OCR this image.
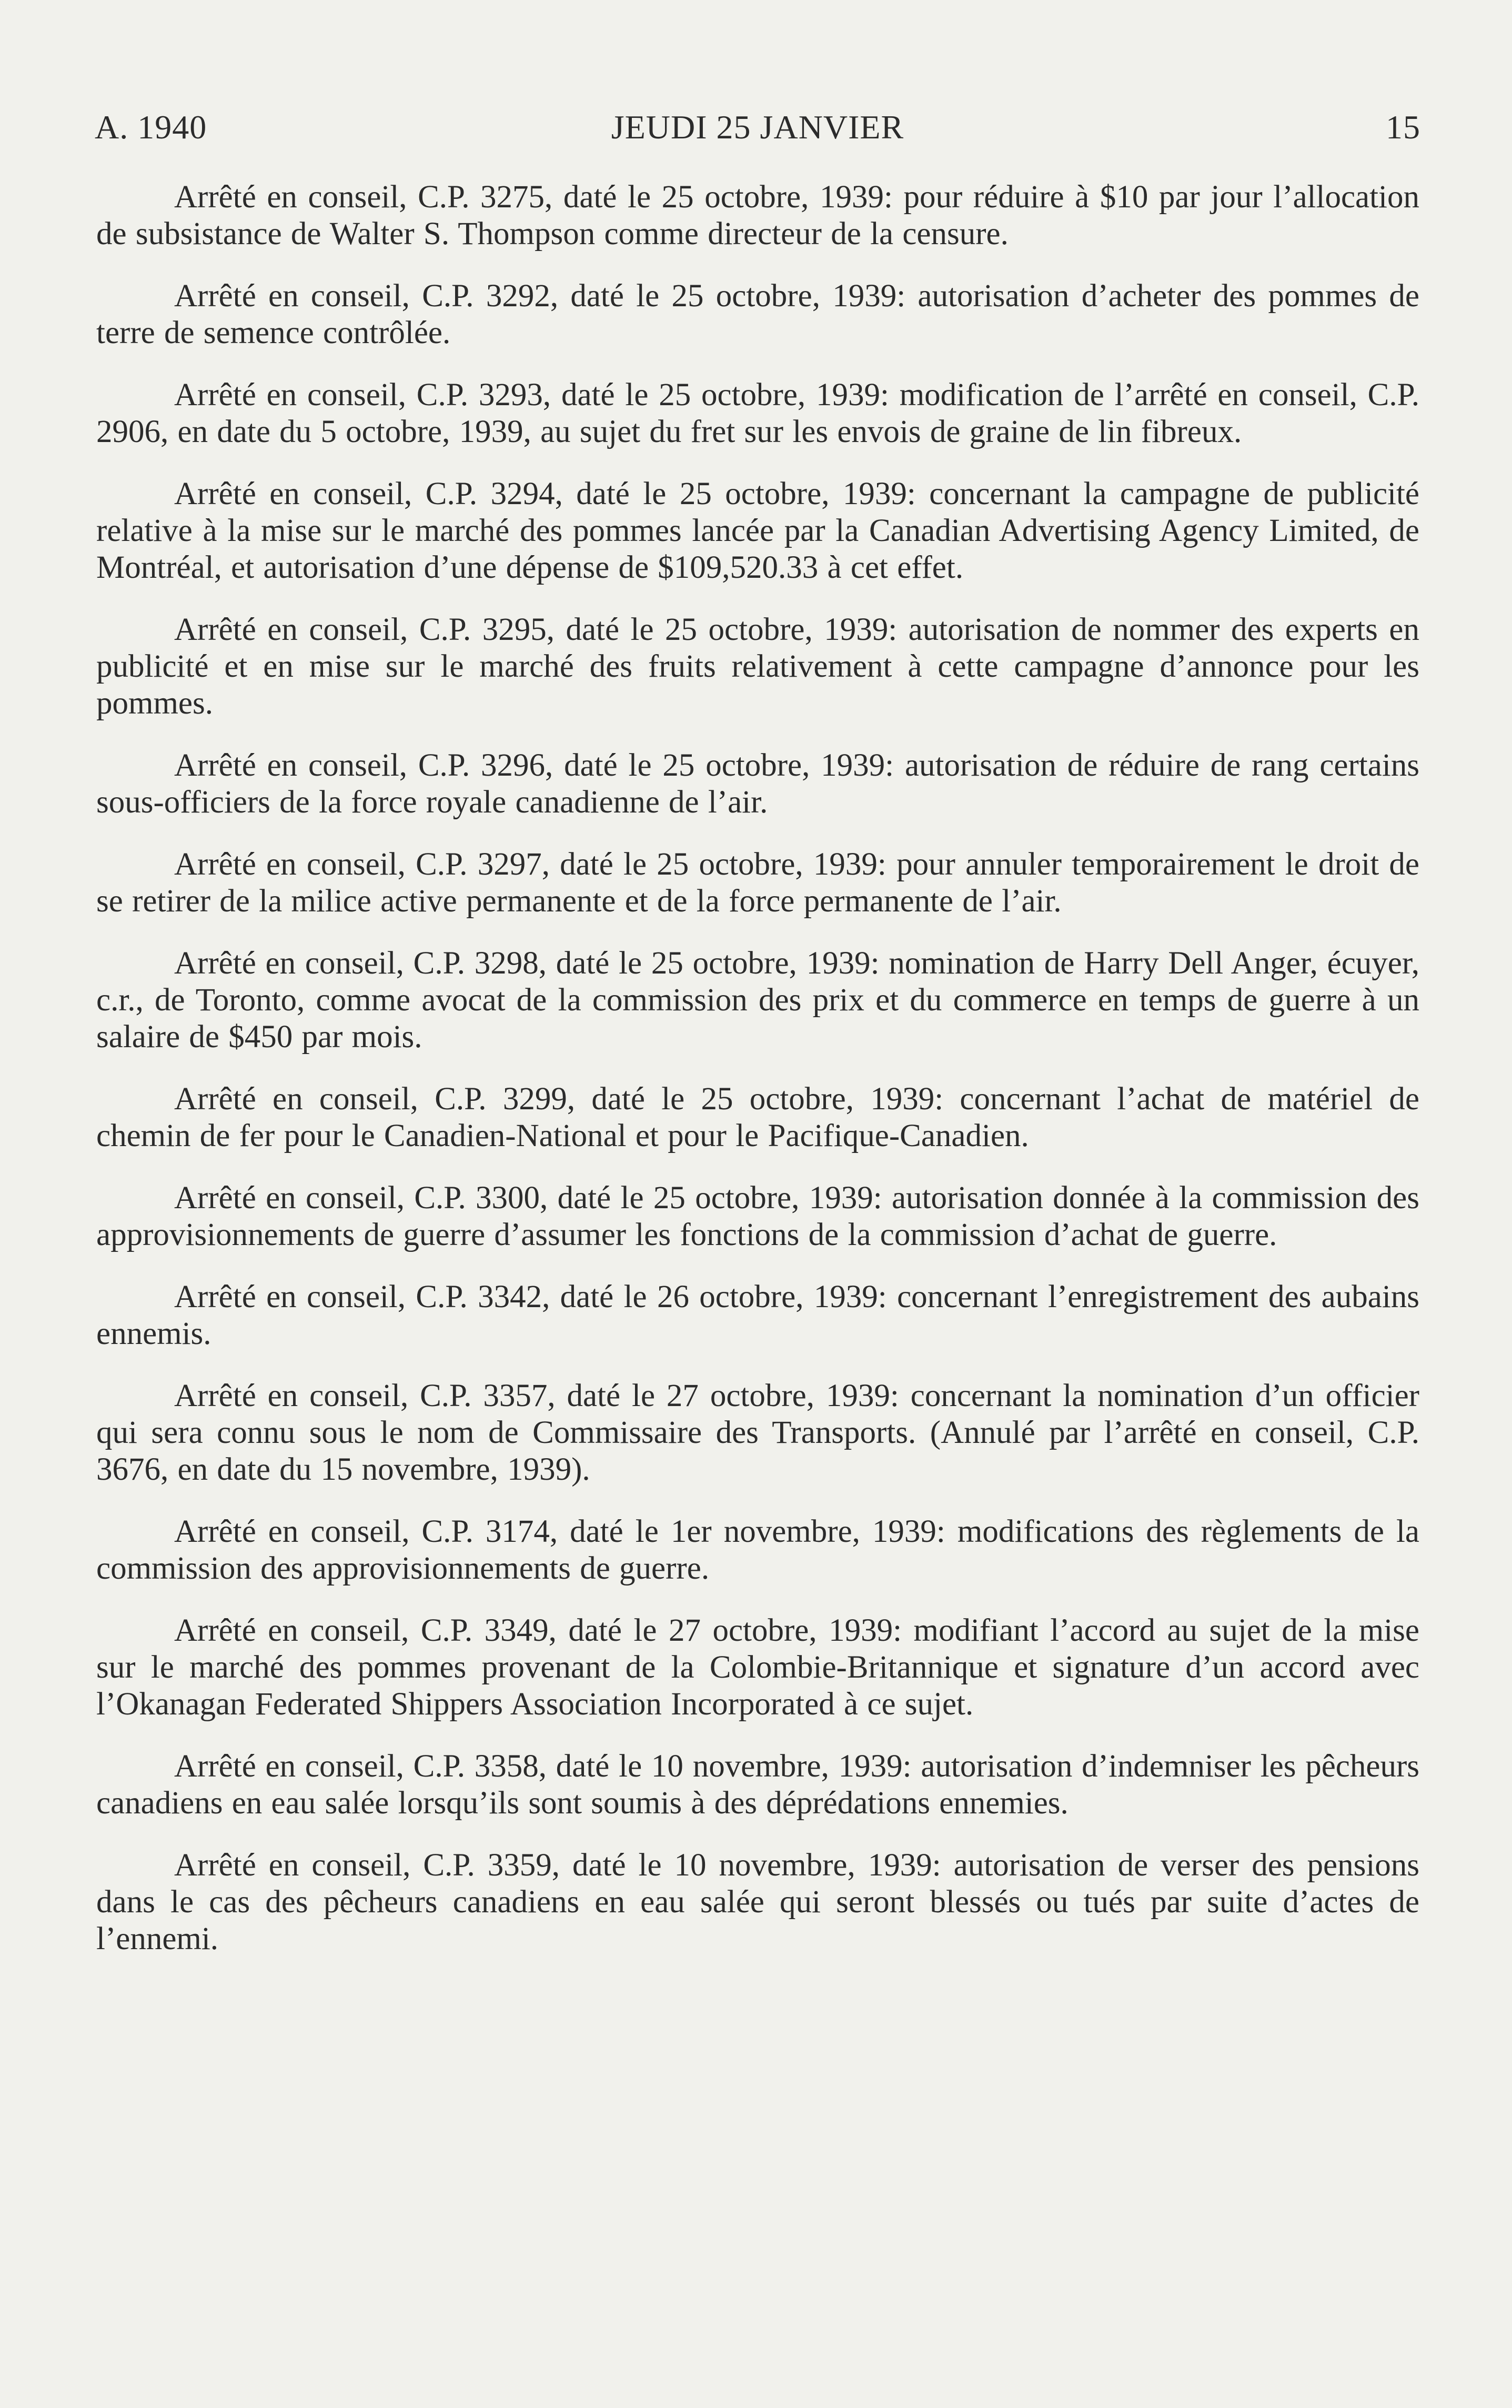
JEUDI 25 JANVIER
A. 1940	15

Arrêté en conseil, C.P. 3275, daté le 25 octobre, 1939: pour réduire à $10 par jour l’allocation de subsistance de Walter S. Thompson comme directeur de la censure.

Arrêté en conseil, C.P. 3292, daté le 25 octobre, 1939: autorisation d’acheter des pommes de terre de semence contrôlée.

Arrêté en conseil, C.P. 3293, daté le 25 octobre, 1939: modification de l’arrêté en conseil, C.P. 2906, en date du 5 octobre, 1939, au sujet du fret sur les envois de graine de lin fibreux.

Arrêté en conseil, C.P. 3294, daté le 25 octobre, 1939: concernant la campagne de publicité relative à la mise sur le marché des pommes lancée par la Canadian Advertising Agency Limited, de Montréal, et autorisation d’une dépense de $109,520.33 à cet effet.

Arrêté en conseil, C.P. 3295, daté le 25 octobre, 1939: autorisation de nommer des experts en publicité et en mise sur le marché des fruits relativement à cette campagne d’annonce pour les pommes.

Arrêté en conseil, C.P. 3296, daté le 25 octobre, 1939: autorisation de réduire de rang certains sous-officiers de la force royale canadienne de l’air.

Arrêté en conseil, C.P. 3297, daté le 25 octobre, 1939: pour annuler temporairement le droit de se retirer de la milice active permanente et de la force permanente de l’air.

Arrêté en conseil, C.P. 3298, daté le 25 octobre, 1939: nomination de Harry Dell Anger, écuyer, c.r., de Toronto, comme avocat de la commission des prix et du commerce en temps de guerre à un salaire de $450 par mois.

Arrêté en conseil, C.P. 3299, daté le 25 octobre, 1939: concernant l’achat de matériel de chemin de fer pour le Canadien-National et pour le Pacifique-Canadien.

Arrêté en conseil, C.P. 3300, daté le 25 octobre, 1939: autorisation donnée à la commission des approvisionnements de guerre d’assumer les fonctions de la commission d’achat de guerre.

Arrêté en conseil, C.P. 3342, daté le 26 octobre, 1939: concernant l’enregistrement des aubains ennemis.

Arrêté en conseil, C.P. 3357, daté le 27 octobre, 1939: concernant la nomination d’un officier qui sera connu sous le nom de Commissaire des Transports. (Annulé par l’arrêté en conseil, C.P. 3676, en date du 15 novembre, 1939).

Arrêté en conseil, C.P. 3174, daté le 1er novembre, 1939: modifications des règlements de la commission des approvisionnements de guerre.

Arrêté en conseil, C.P. 3349, daté le 27 octobre, 1939: modifiant l’accord au sujet de la mise sur le marché des pommes provenant de la Colombie-Britannique et signature d’un accord avec l’Okanagan Federated Shippers Association Incorporated à ce sujet.

Arrêté en conseil, C.P. 3358, daté le 10 novembre, 1939: autorisation d’indemniser les pêcheurs canadiens en eau salée lorsqu’ils sont soumis à des déprédations ennemies.

Arrêté en conseil, C.P. 3359, daté le 10 novembre, 1939: autorisation de verser des pensions dans le cas des pêcheurs canadiens en eau salée qui seront blessés ou tués par suite d’actes de l’ennemi.
